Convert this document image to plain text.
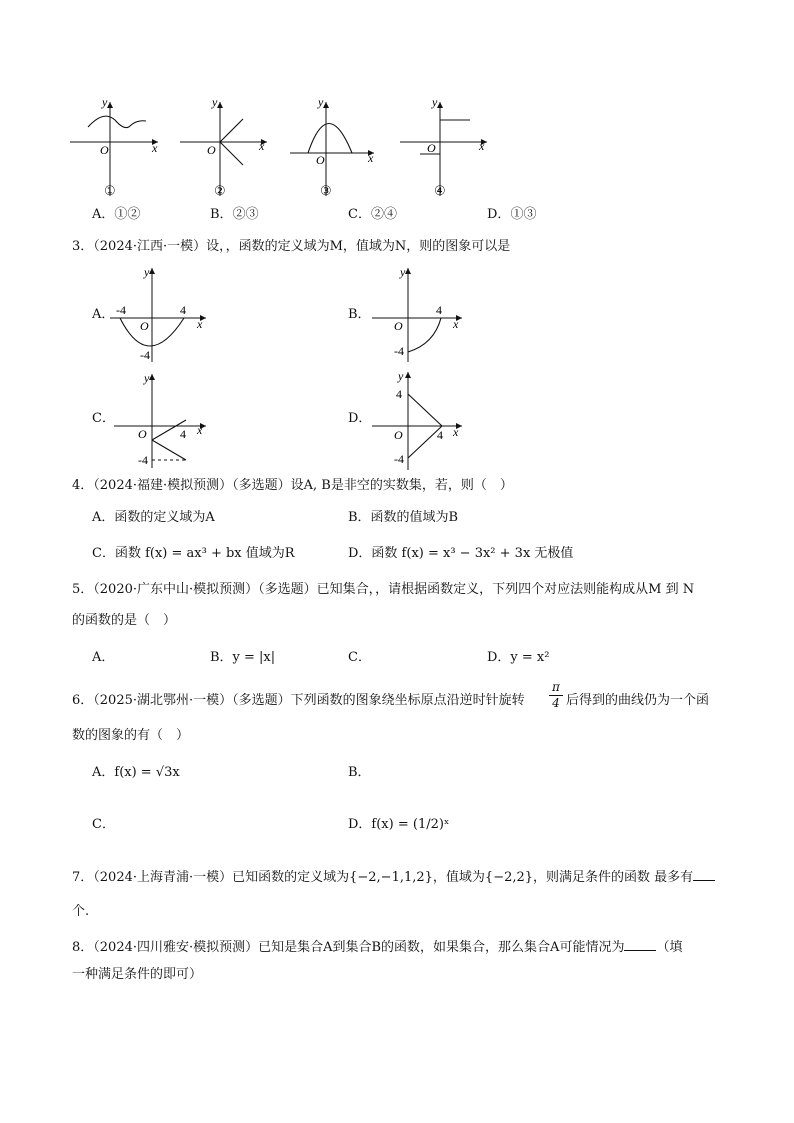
y
O	x
y
O	x
y
O	x
y
O	x
①	②	③	④
A．①②	B．②③	C．②④	D．①③
3．（2024·江西·一模）设，，函数的定义域为M，值域为N，则的图象可以是
A．	B．
C．	D．
y
-4	4
O	x
-4
y
4
O	x
-4
y
O	4 x
-4
y
4
O	4 x
-4
4．（2024·福建·模拟预测）（多选题）设A, B是非空的实数集，若，则（　）
A．函数的定义域为A	B．函数的值域为B
C．函数 f(x) = ax³ + bx 值域为R	D．函数 f(x) = x³ − 3x² + 3x 无极值
5．（2020·广东中山·模拟预测）（多选题）已知集合，，请根据函数定义，下列四个对应法则能构成从M 到 N
的函数的是（　）
A．	B．y = |x|	C．	D．y = x²
6．（2025·湖北鄂州·一模）（多选题）下列函数的图象绕坐标原点沿逆时针旋转
π
4 后得到的曲线仍为一个函
数的图象的有（　）
A．f(x) = √3x	B．
C．	D．f(x) = (1/2)ˣ
7．（2024·上海青浦·一模）已知函数的定义域为{−2,−1,1,2}，值域为{−2,2}，则满足条件的函数 最多有
个.
8．（2024·四川雅安·模拟预测）已知是集合A到集合B的函数，如果集合，那么集合A可能情况为 （填
一种满足条件的即可）
